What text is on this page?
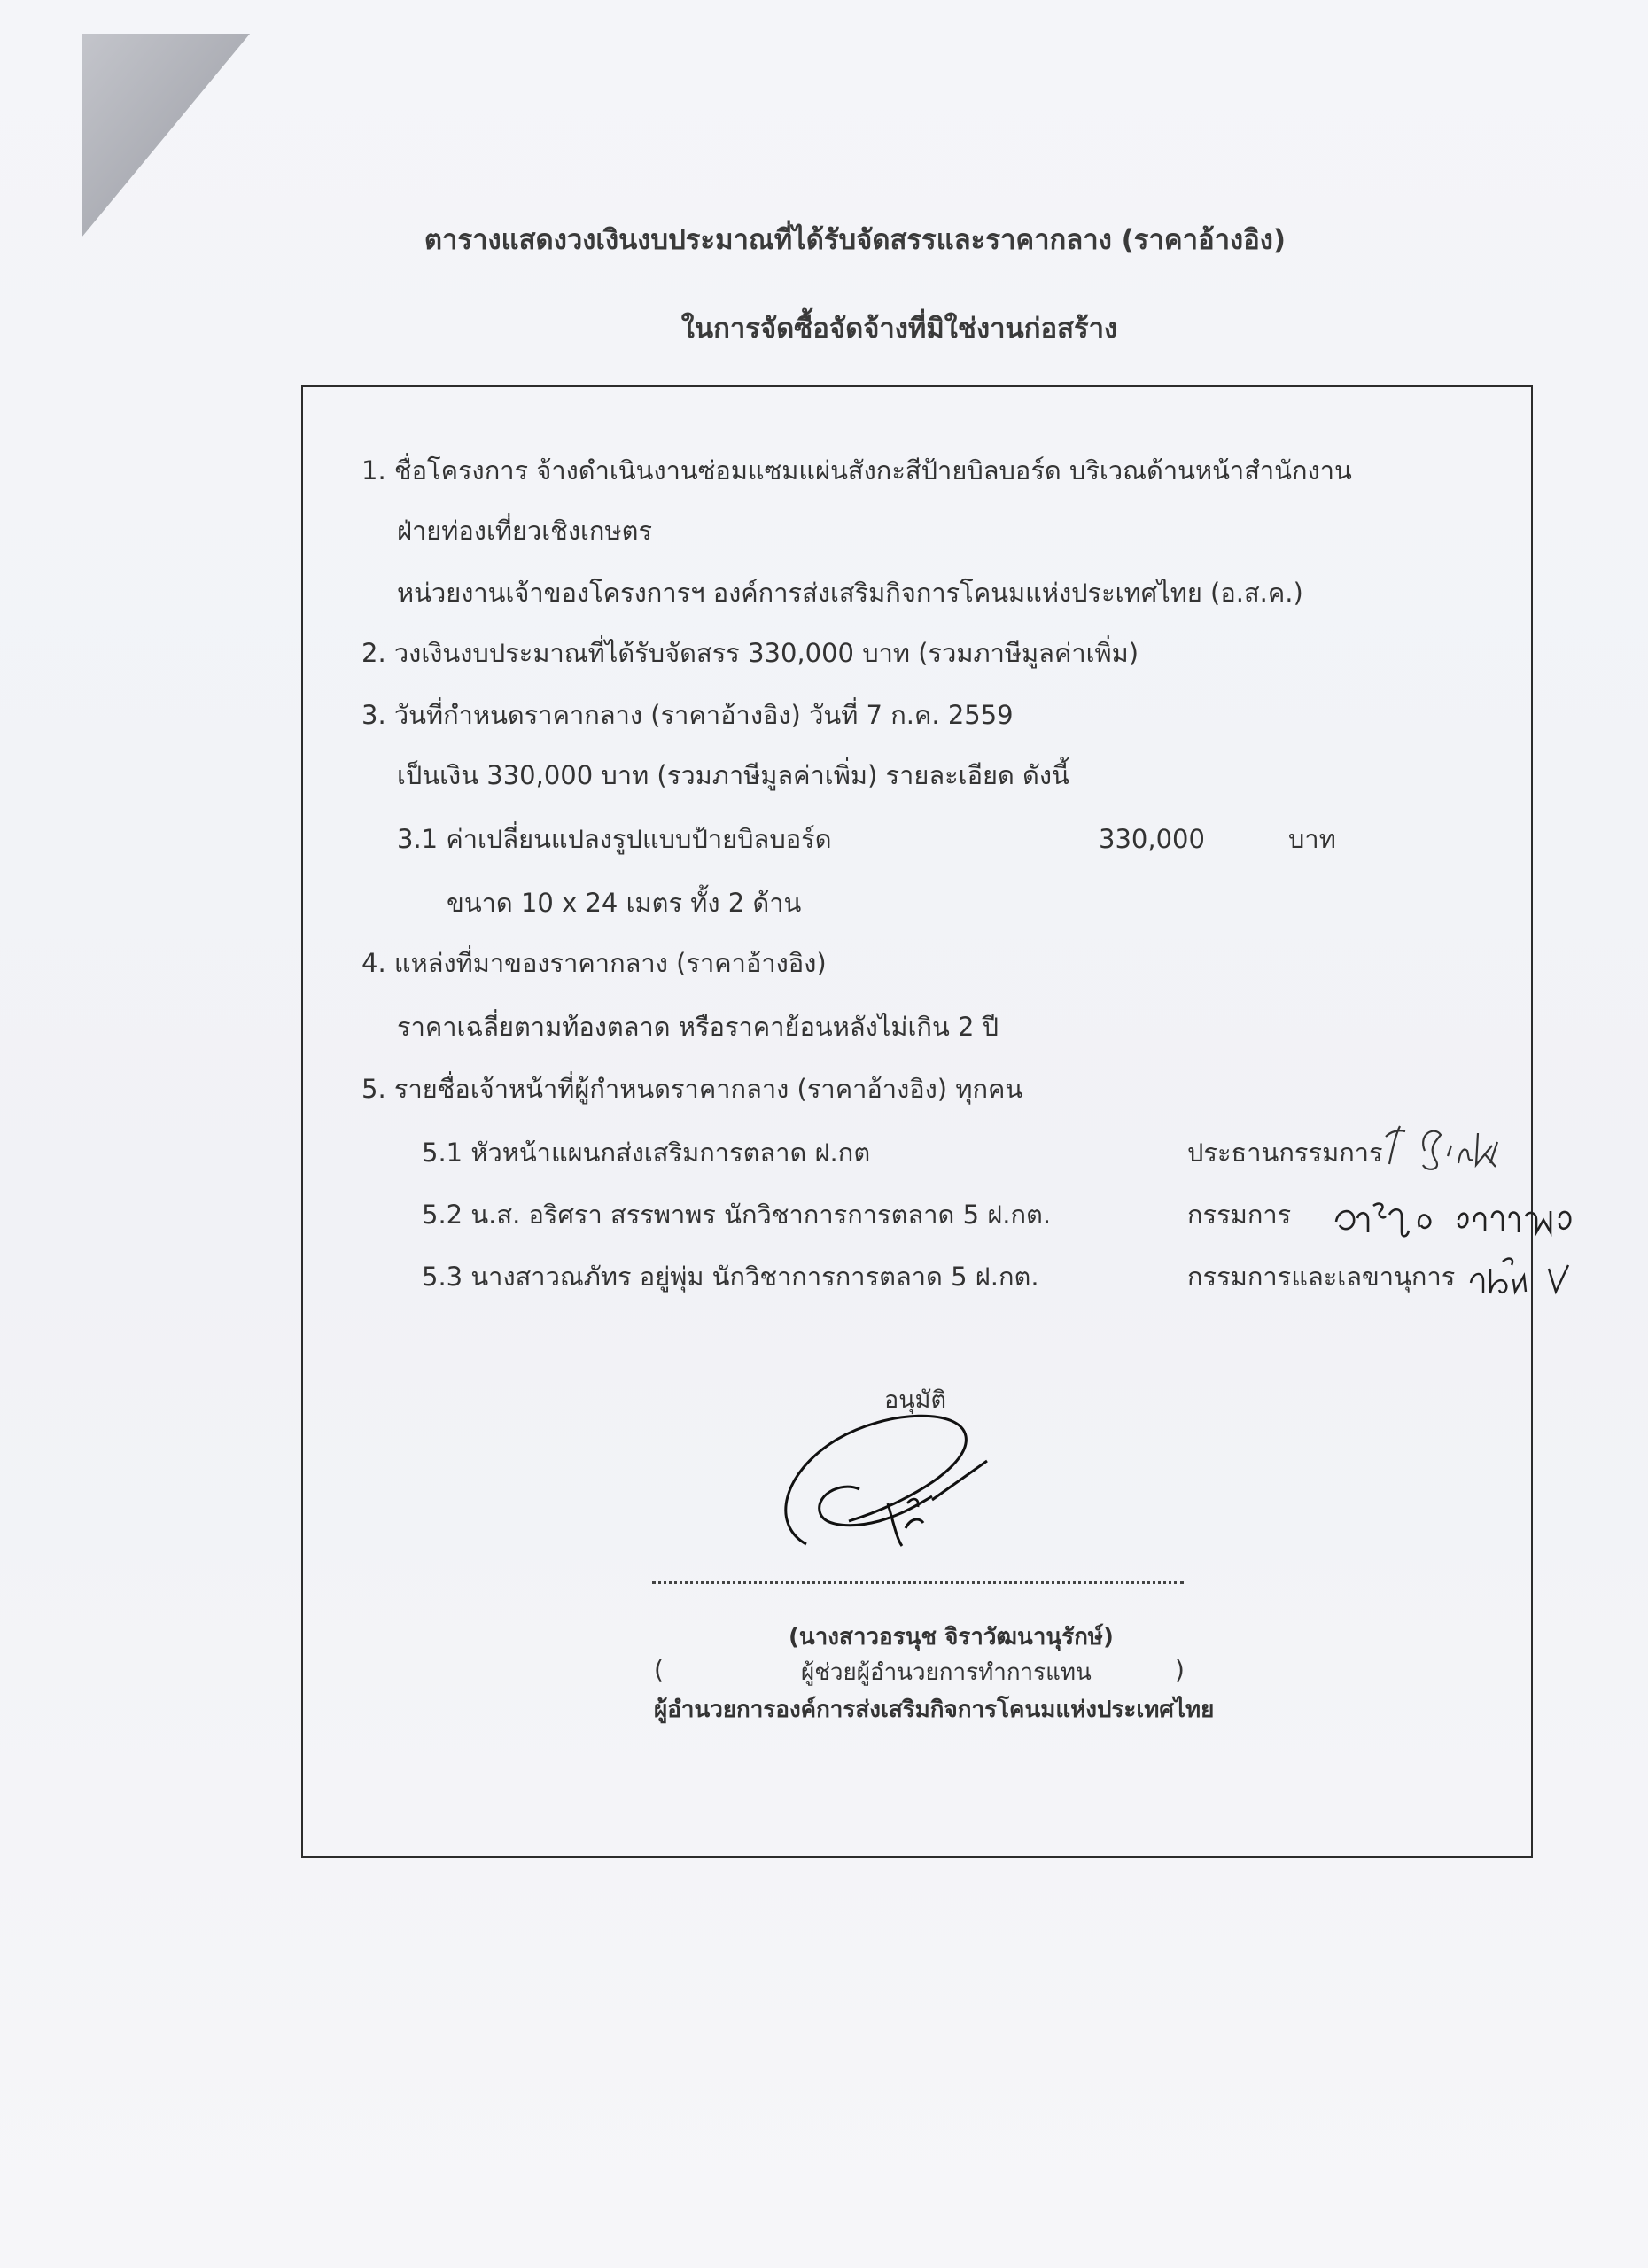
ตารางแสดงวงเงินงบประมาณที่ได้รับจัดสรรและราคากลาง (ราคาอ้างอิง)
ในการจัดซื้อจัดจ้างที่มิใช่งานก่อสร้าง
1. ชื่อโครงการ จ้างดำเนินงานซ่อมแซมแผ่นสังกะสีป้ายบิลบอร์ด บริเวณด้านหน้าสำนักงาน
ฝ่ายท่องเที่ยวเชิงเกษตร
หน่วยงานเจ้าของโครงการฯ องค์การส่งเสริมกิจการโคนมแห่งประเทศไทย (อ.ส.ค.)
2. วงเงินงบประมาณที่ได้รับจัดสรร 330,000 บาท (รวมภาษีมูลค่าเพิ่ม)
3. วันที่กำหนดราคากลาง (ราคาอ้างอิง) วันที่ 7 ก.ค. 2559
เป็นเงิน 330,000 บาท (รวมภาษีมูลค่าเพิ่ม) รายละเอียด ดังนี้
3.1 ค่าเปลี่ยนแปลงรูปแบบป้ายบิลบอร์ด	330,000	บาท
ขนาด 10 x 24 เมตร ทั้ง 2 ด้าน
4. แหล่งที่มาของราคากลาง (ราคาอ้างอิง)
ราคาเฉลี่ยตามท้องตลาด หรือราคาย้อนหลังไม่เกิน 2 ปี
5. รายชื่อเจ้าหน้าที่ผู้กำหนดราคากลาง (ราคาอ้างอิง) ทุกคน
5.1 หัวหน้าแผนกส่งเสริมการตลาด ฝ.กต	ประธานกรรมการ
5.2 น.ส. อริศรา สรรพาพร นักวิชาการการตลาด 5 ฝ.กต.	กรรมการ
5.3 นางสาวณภัทร อยู่พุ่ม นักวิชาการการตลาด 5 ฝ.กต.	กรรมการและเลขานุการ
อนุมัติ
(นางสาวอรนุช จิราวัฒนานุรักษ์)
(	ผู้ช่วยผู้อำนวยการทำการแทน	)
ผู้อำนวยการองค์การส่งเสริมกิจการโคนมแห่งประเทศไทย
